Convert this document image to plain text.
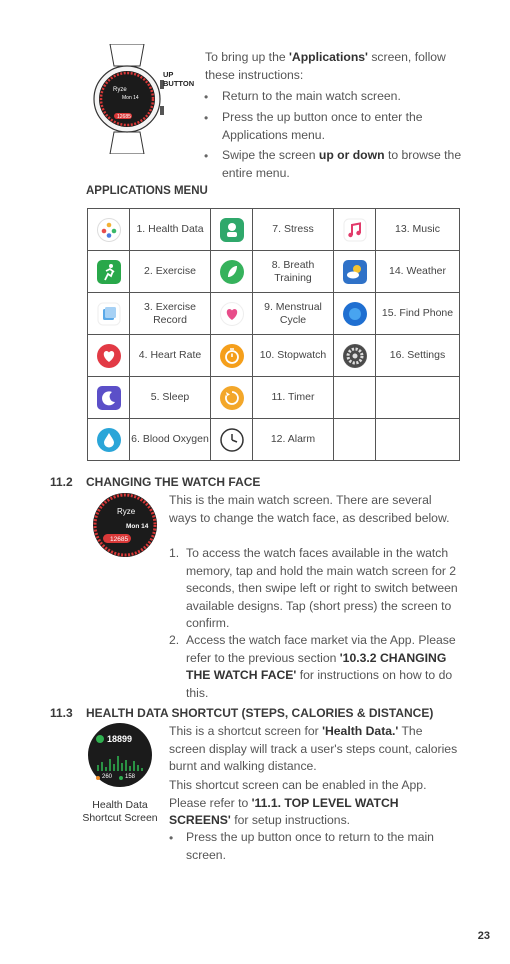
Ryze
Mon 14
12685
UP
BUTTON
To bring up the 'Applications' screen, follow these instructions:
• Return to the main watch screen.
• Press the up button once to enter the Applications menu.
• Swipe the screen up or down to browse the entire menu.
APPLICATIONS MENU
	1. Health Data		7. Stress		13. Music

	2. Exercise		8. Breath Training		14. Weather

	3. Exercise Record		9. Menstrual Cycle		15. Find Phone

	4. Heart Rate		10. Stopwatch		16. Settings

	5. Sleep		11. Timer		

	6. Blood Oxygen		12. Alarm		
11.2 CHANGING THE WATCH FACE
Ryze
Mon 14
12685
This is the main watch screen. There are several ways to change the watch face, as described below.
1. To access the watch faces available in the watch memory, tap and hold the main watch screen for 2 seconds, then swipe left or right to switch between available designs. Tap (short press) the screen to confirm.
2. Access the watch face market via the App. Please refer to the previous section '10.3.2 CHANGING THE WATCH FACE' for instructions on how to do this.
11.3 HEALTH DATA SHORTCUT (STEPS, CALORIES & DISTANCE)
18899
260 158
Health Data
Shortcut Screen
This is a shortcut screen for 'Health Data.' The screen display will track a user's steps count, calories burnt and walking distance.
This shortcut screen can be enabled in the App. Please refer to '11.1. TOP LEVEL WATCH SCREENS' for setup instructions.
• Press the up button once to return to the main screen.
23
